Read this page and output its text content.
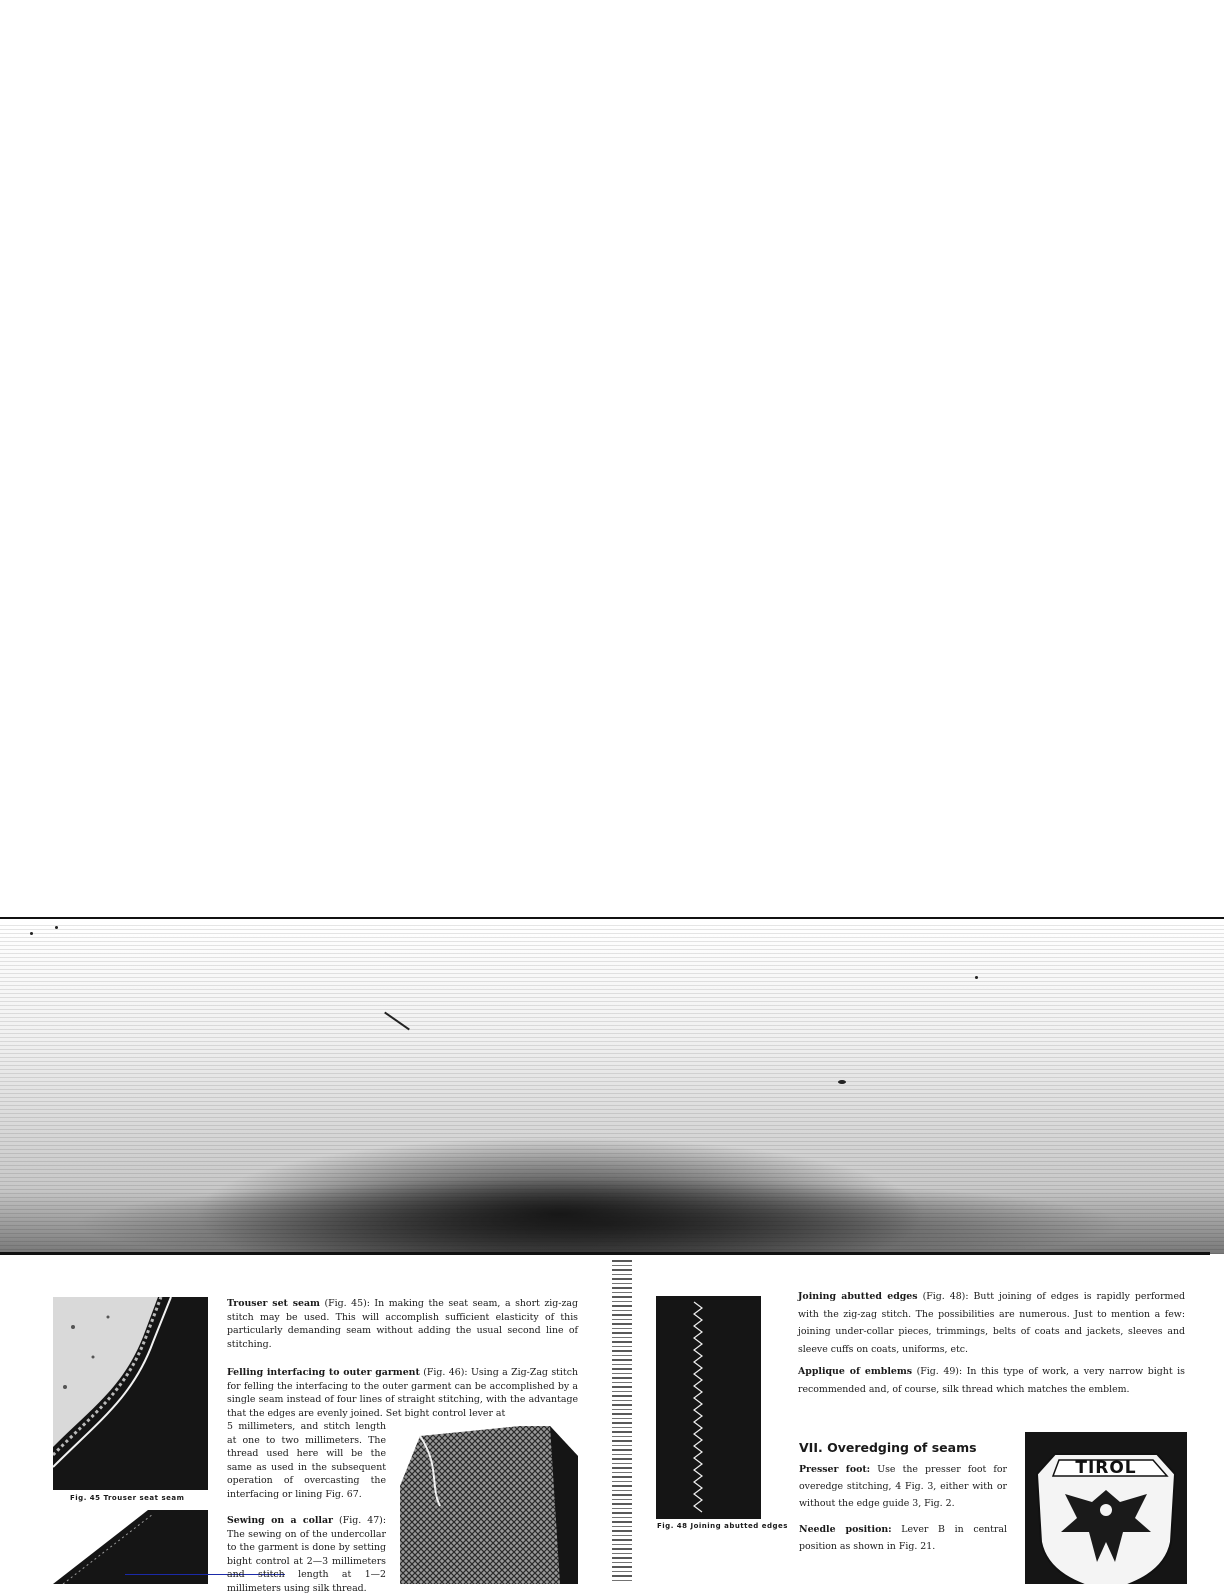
Fig. 45 Trouser seat seam

Trouser set seam (Fig. 45): In making the seat seam, a short zig-zag stitch may be used. This will accomplish sufficient elasticity of this particularly demanding seam without adding the usual second line of stitching.

Felling interfacing to outer garment (Fig. 46): Using a Zig-Zag stitch for felling the interfacing to the outer garment can be accomplished by a single seam instead of four lines of straight stitching, with the advantage that the edges are evenly joined. Set bight control lever at

5 millimeters, and stitch length at one to two millimeters. The thread used here will be the same as used in the subsequent operation of overcasting the interfacing or lining Fig. 67.

Sewing on a collar (Fig. 47): The sewing on of the undercollar to the garment is done by setting bight control at 2—3 millimeters and stitch length at 1—2 millimeters using silk thread.

Fig. 48 Joining abutted edges

Joining abutted edges (Fig. 48): Butt joining of edges is rapidly performed with the zig-zag stitch. The possibilities are numerous. Just to mention a few: joining under-collar pieces, trimmings, belts of coats and jackets, sleeves and sleeve cuffs on coats, uniforms, etc.

Applique of emblems (Fig. 49): In this type of work, a very narrow bight is recommended and, of course, silk thread which matches the emblem.

VII. Overedging of seams

Presser foot: Use the presser foot for overedge stitching, 4 Fig. 3, either with or without the edge guide 3, Fig. 2.

Needle position: Lever B in central position as shown in Fig. 21.

TIROL
